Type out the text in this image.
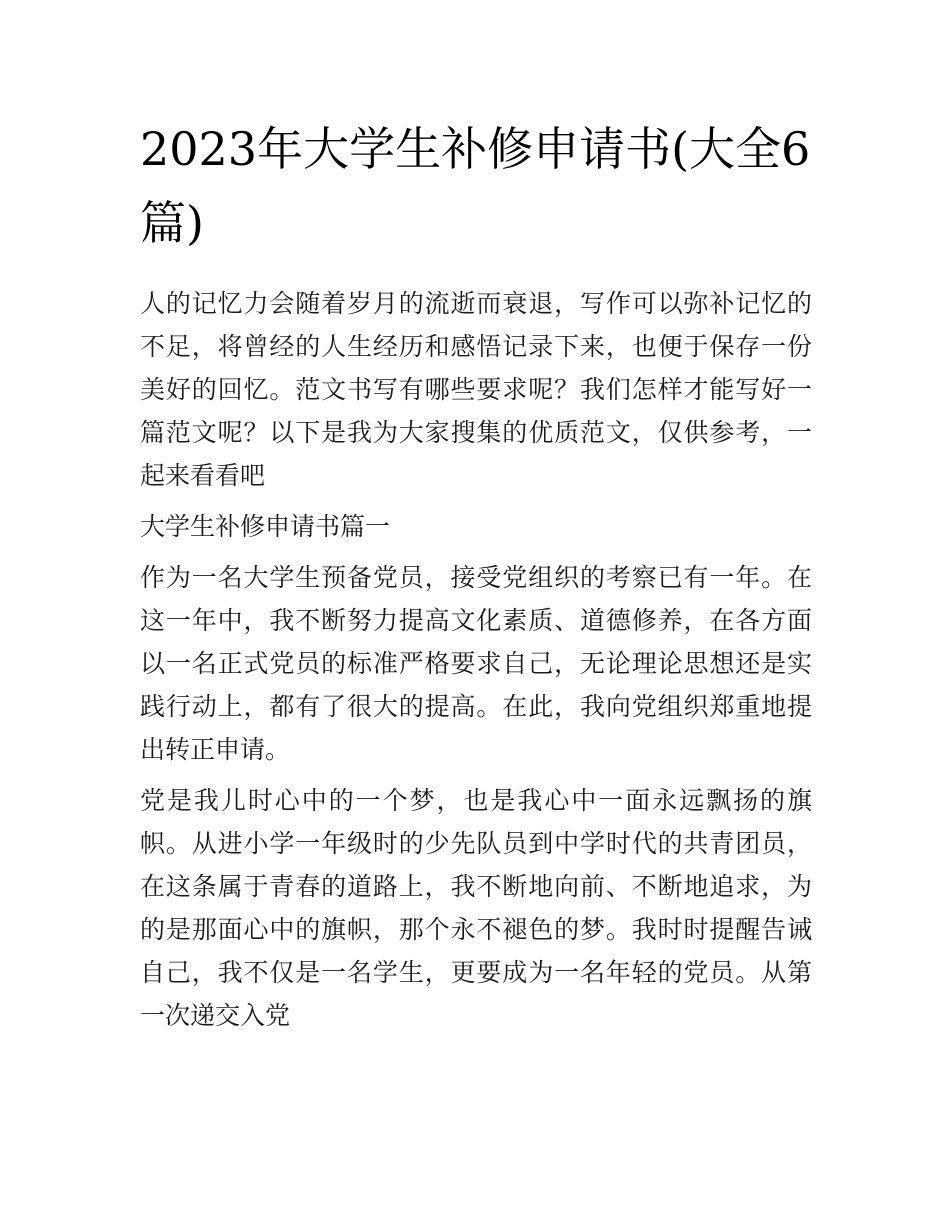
2023年大学生补修申请书(大全6篇)

人的记忆力会随着岁月的流逝而衰退，写作可以弥补记忆的不足，将曾经的人生经历和感悟记录下来，也便于保存一份美好的回忆。范文书写有哪些要求呢？我们怎样才能写好一篇范文呢？以下是我为大家搜集的优质范文，仅供参考，一起来看看吧

大学生补修申请书篇一

作为一名大学生预备党员，接受党组织的考察已有一年。在这一年中，我不断努力提高文化素质、道德修养，在各方面以一名正式党员的标准严格要求自己，无论理论思想还是实践行动上，都有了很大的提高。在此，我向党组织郑重地提出转正申请。

党是我儿时心中的一个梦，也是我心中一面永远飘扬的旗帜。从进小学一年级时的少先队员到中学时代的共青团员，在这条属于青春的道路上，我不断地向前、不断地追求，为的是那面心中的旗帜，那个永不褪色的梦。我时时提醒告诫自己，我不仅是一名学生，更要成为一名年轻的党员。从第一次递交入党
